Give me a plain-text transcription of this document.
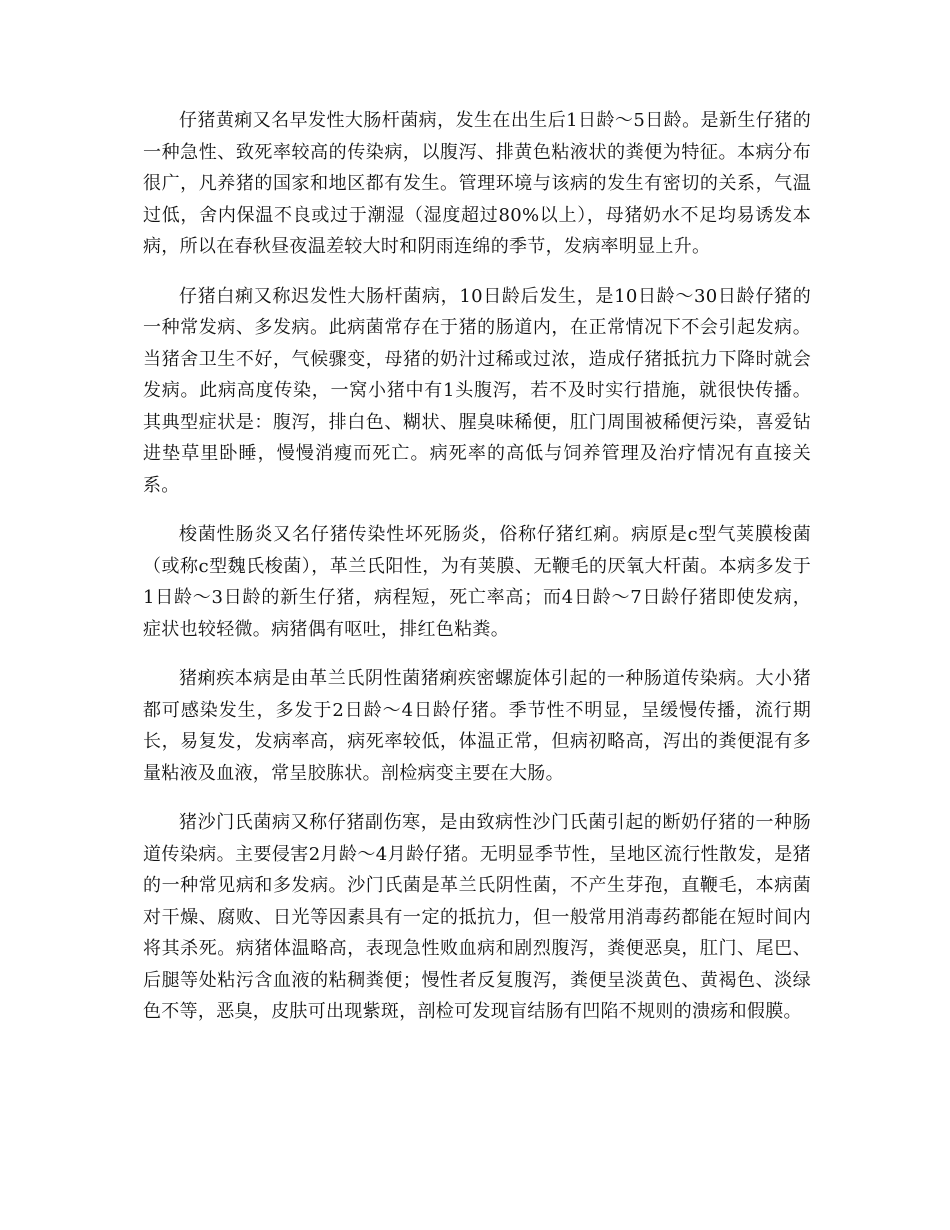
仔猪黄痢又名早发性大肠杆菌病，发生在出生后1日龄～5日龄。是新生仔猪的一种急性、致死率较高的传染病，以腹泻、排黄色粘液状的粪便为特征。本病分布很广，凡养猪的国家和地区都有发生。管理环境与该病的发生有密切的关系，气温过低，舍内保温不良或过于潮湿（湿度超过80%以上），母猪奶水不足均易诱发本病，所以在春秋昼夜温差较大时和阴雨连绵的季节，发病率明显上升。

仔猪白痢又称迟发性大肠杆菌病，10日龄后发生，是10日龄～30日龄仔猪的一种常发病、多发病。此病菌常存在于猪的肠道内，在正常情况下不会引起发病。当猪舍卫生不好，气候骤变，母猪的奶汁过稀或过浓，造成仔猪抵抗力下降时就会发病。此病高度传染，一窝小猪中有1头腹泻，若不及时实行措施，就很快传播。其典型症状是：腹泻，排白色、糊状、腥臭味稀便，肛门周围被稀便污染，喜爱钻进垫草里卧睡，慢慢消瘦而死亡。病死率的高低与饲养管理及治疗情况有直接关系。

梭菌性肠炎又名仔猪传染性坏死肠炎，俗称仔猪红痢。病原是c型气荚膜梭菌（或称c型魏氏梭菌），革兰氏阳性，为有荚膜、无鞭毛的厌氧大杆菌。本病多发于1日龄～3日龄的新生仔猪，病程短，死亡率高；而4日龄～7日龄仔猪即使发病，症状也较轻微。病猪偶有呕吐，排红色粘粪。

猪痢疾本病是由革兰氏阴性菌猪痢疾密螺旋体引起的一种肠道传染病。大小猪都可感染发生，多发于2日龄～4日龄仔猪。季节性不明显，呈缓慢传播，流行期长，易复发，发病率高，病死率较低，体温正常，但病初略高，泻出的粪便混有多量粘液及血液，常呈胶胨状。剖检病变主要在大肠。

猪沙门氏菌病又称仔猪副伤寒，是由致病性沙门氏菌引起的断奶仔猪的一种肠道传染病。主要侵害2月龄～4月龄仔猪。无明显季节性，呈地区流行性散发，是猪的一种常见病和多发病。沙门氏菌是革兰氏阴性菌，不产生芽孢，直鞭毛，本病菌对干燥、腐败、日光等因素具有一定的抵抗力，但一般常用消毒药都能在短时间内将其杀死。病猪体温略高，表现急性败血病和剧烈腹泻，粪便恶臭，肛门、尾巴、后腿等处粘污含血液的粘稠粪便；慢性者反复腹泻，粪便呈淡黄色、黄褐色、淡绿色不等，恶臭，皮肤可出现紫斑，剖检可发现盲结肠有凹陷不规则的溃疡和假膜。
